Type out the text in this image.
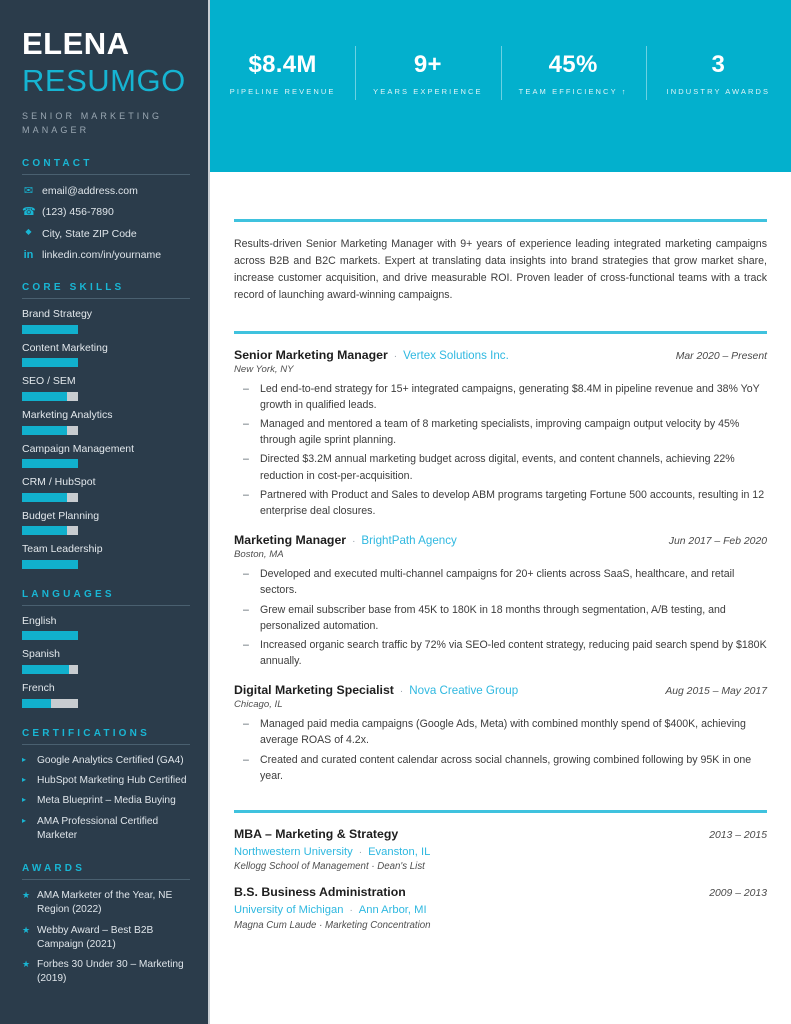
ELENA
RESUMGO
SENIOR MARKETING MANAGER
CONTACT
✉ email@address.com
☎ (123) 456-7890
◆ City, State ZIP Code
in linkedin.com/in/yourname
CORE SKILLS
Brand Strategy
Content Marketing
SEO / SEM
Marketing Analytics
Campaign Management
CRM / HubSpot
Budget Planning
Team Leadership
LANGUAGES
English
Spanish
French
CERTIFICATIONS
▸	Google Analytics Certified (GA4)
▸	HubSpot Marketing Hub Certified
▸	Meta Blueprint – Media Buying
▸	AMA Professional Certified Marketer
AWARDS
★ AMA Marketer of the Year, NE Region (2022)
★ Webby Award – Best B2B Campaign (2021)
★ Forbes 30 Under 30 – Marketing (2019)
$8.4M
PIPELINE REVENUE
9+
YEARS EXPERIENCE
45%
TEAM EFFICIENCY ↑
3
INDUSTRY AWARDS

Results-driven Senior Marketing Manager with 9+ years of experience leading integrated marketing campaigns across B2B and B2C markets. Expert at translating data insights into brand strategies that grow market share, increase customer acquisition, and drive measurable ROI. Proven leader of cross-functional teams with a track record of launching award-winning campaigns.

Senior Marketing Manager · Vertex Solutions Inc.	Mar 2020 – Present
New York, NY
– Led end-to-end strategy for 15+ integrated campaigns, generating $8.4M in pipeline revenue and 38% YoY growth in qualified leads.
– Managed and mentored a team of 8 marketing specialists, improving campaign output velocity by 45% through agile sprint planning.
– Directed $3.2M annual marketing budget across digital, events, and content channels, achieving 22% reduction in cost-per-acquisition.
– Partnered with Product and Sales to develop ABM programs targeting Fortune 500 accounts, resulting in 12 enterprise deal closures.
Marketing Manager · BrightPath Agency	Jun 2017 – Feb 2020
Boston, MA
– Developed and executed multi-channel campaigns for 20+ clients across SaaS, healthcare, and retail sectors.
– Grew email subscriber base from 45K to 180K in 18 months through segmentation, A/B testing, and personalized automation.
– Increased organic search traffic by 72% via SEO-led content strategy, reducing paid search spend by $180K annually.
Digital Marketing Specialist · Nova Creative Group	Aug 2015 – May 2017
Chicago, IL
– Managed paid media campaigns (Google Ads, Meta) with combined monthly spend of $400K, achieving average ROAS of 4.2x.
– Created and curated content calendar across social channels, growing combined following by 95K in one year.
MBA – Marketing & Strategy	2013 – 2015
Northwestern University · Evanston, IL
Kellogg School of Management · Dean's List
B.S. Business Administration	2009 – 2013
University of Michigan · Ann Arbor, MI
Magna Cum Laude · Marketing Concentration
